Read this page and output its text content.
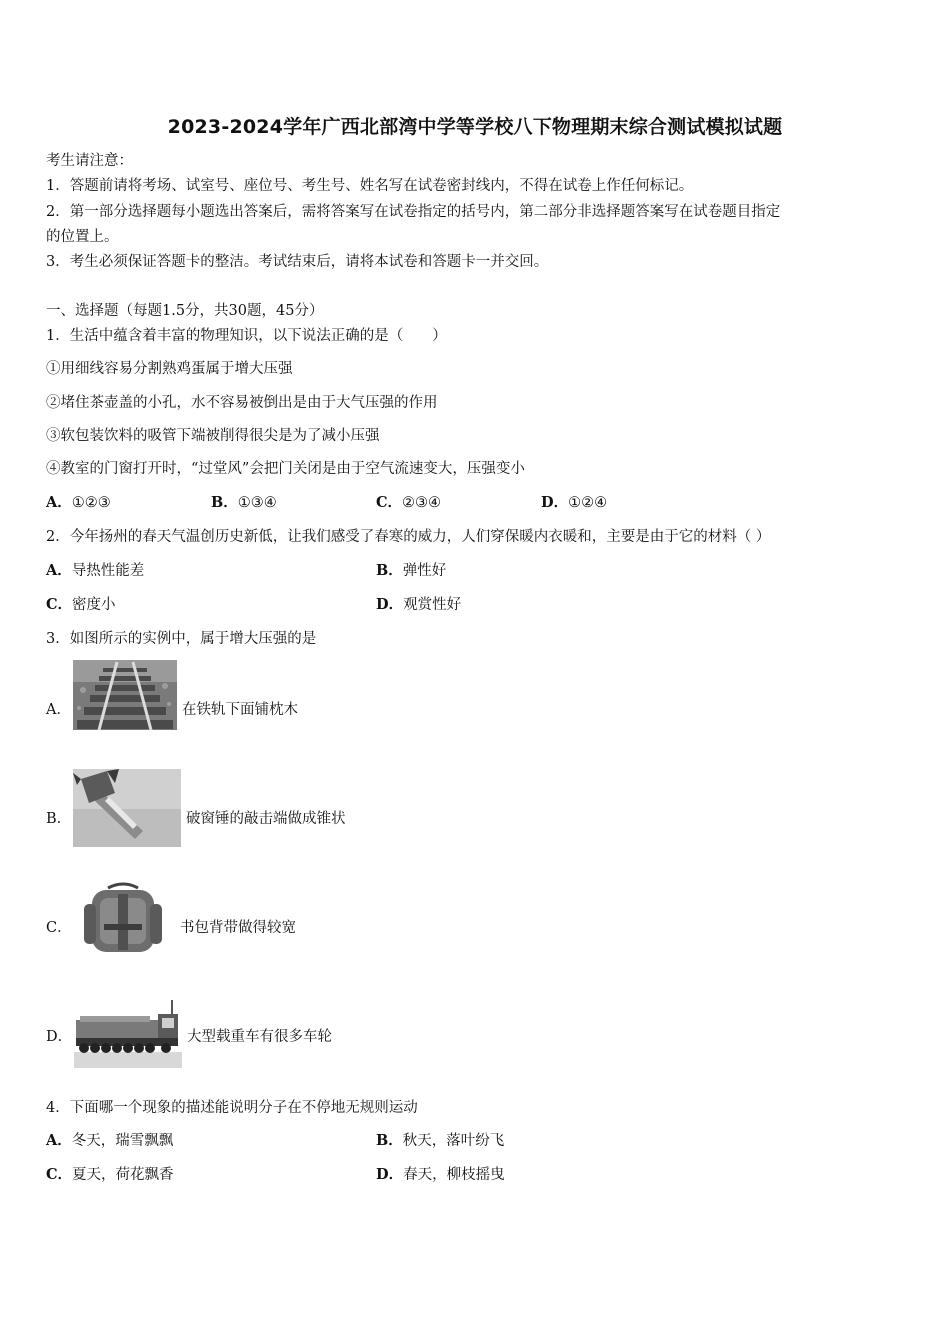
2023-2024学年广西北部湾中学等学校八下物理期末综合测试模拟试题
考生请注意：
1．答题前请将考场、试室号、座位号、考生号、姓名写在试卷密封线内，不得在试卷上作任何标记。
2．第一部分选择题每小题选出答案后，需将答案写在试卷指定的括号内，第二部分非选择题答案写在试卷题目指定
的位置上。
3．考生必须保证答题卡的整洁。考试结束后，请将本试卷和答题卡一并交回。
一、选择题（每题1.5分，共30题，45分）
1．生活中蕴含着丰富的物理知识，以下说法正确的是（　　）
①用细线容易分割熟鸡蛋属于增大压强
②堵住茶壶盖的小孔，水不容易被倒出是由于大气压强的作用
③软包装饮料的吸管下端被削得很尖是为了减小压强
④教室的门窗打开时，“过堂风”会把门关闭是由于空气流速变大，压强变小
A．①②③	B．①③④	C．②③④	D．①②④
2．今年扬州的春天气温创历史新低，让我们感受了春寒的威力，人们穿保暖内衣暖和，主要是由于它的材料（ ）
A．导热性能差	B．弹性好
C．密度小	D．观赏性好
3．如图所示的实例中，属于增大压强的是
A．	在铁轨下面铺枕木
B．	破窗锤的敲击端做成锥状
C．	书包背带做得较宽
D．	大型载重车有很多车轮
4．下面哪一个现象的描述能说明分子在不停地无规则运动
A．冬天，瑞雪飘飘	B．秋天，落叶纷飞
C．夏天，荷花飘香	D．春天，柳枝摇曳
